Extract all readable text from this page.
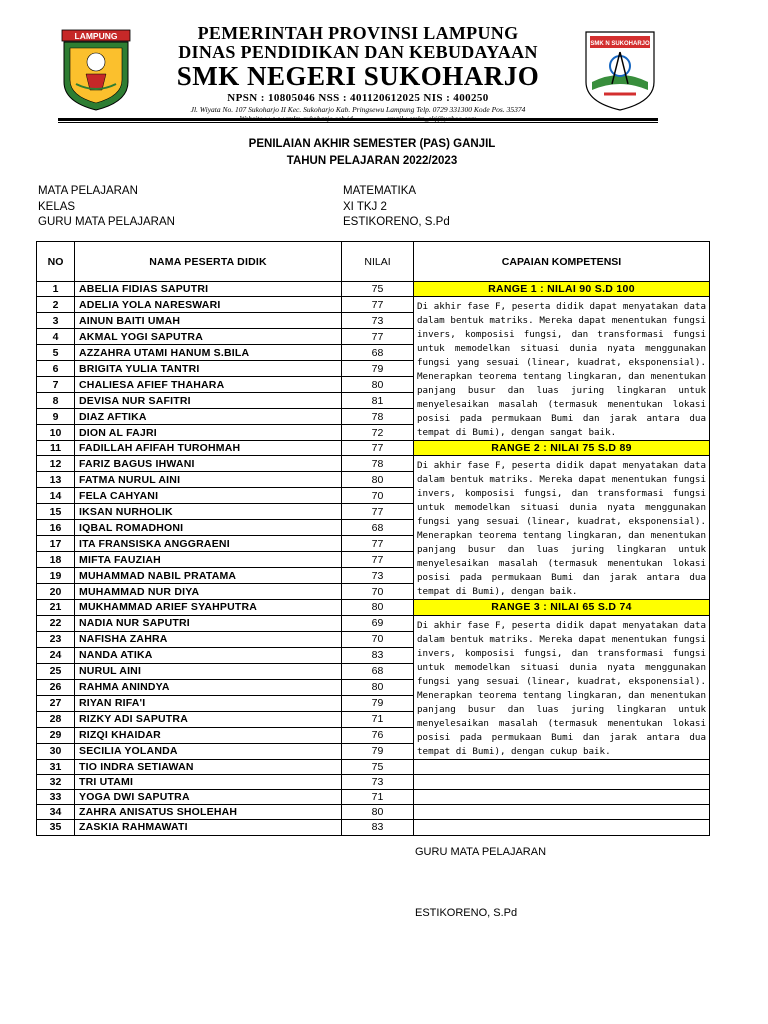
LAMPUNG	PEMERINTAH PROVINSI LAMPUNG
DINAS PENDIDIKAN DAN KEBUDAYAAN
SMK NEGERI SUKOHARJO
NPSN : 10805046 NSS : 401120612025 NIS : 400250
Jl. Wiyata No. 107 Sukoharjo II Kec. Sukoharjo Kab. Pringsewu Lampung Telp. 0729 331300 Kode Pos. 35374

SMK N SUKOHARJO
PENILAIAN AKHIR SEMESTER (PAS) GANJIL
TAHUN PELAJARAN 2022/2023
MATA PELAJARAN	MATEMATIKA
KELAS	XI TKJ 2
GURU MATA PELAJARAN	ESTIKORENO, S.Pd
NO	NAMA PESERTA DIDIK	NILAI	CAPAIAN KOMPETENSI
1	ABELIA FIDIAS SAPUTRI	75	RANGE 1 : NILAI 90 S.D 100
2	ADELIA YOLA NARESWARI	77	Di akhir fase F, peserta didik dapat menyatakan data dalam bentuk matriks. Mereka dapat menentukan fungsi invers, komposisi fungsi, dan transformasi fungsi untuk memodelkan situasi dunia nyata menggunakan fungsi yang sesuai (linear, kuadrat, eksponensial). Menerapkan teorema tentang lingkaran, dan menentukan panjang busur dan luas juring lingkaran untuk menyelesaikan masalah (termasuk menentukan lokasi posisi pada permukaan Bumi dan jarak antara dua tempat di Bumi), dengan sangat baik.
3	AINUN BAITI UMAH	73	
4	AKMAL YOGI SAPUTRA	77	
5	AZZAHRA UTAMI HANUM S.BILA	68	
6	BRIGITA YULIA TANTRI	79	
7	CHALIESA AFIEF THAHARA	80	
8	DEVISA NUR SAFITRI	81	
9	DIAZ AFTIKA	78	
10	DION AL FAJRI	72	
11	FADILLAH AFIFAH TUROHMAH	77	RANGE 2 : NILAI 75 S.D 89
12	FARIZ BAGUS IHWANI	78	Di akhir fase F, peserta didik dapat menyatakan data dalam bentuk matriks. Mereka dapat menentukan fungsi invers, komposisi fungsi, dan transformasi fungsi untuk memodelkan situasi dunia nyata menggunakan fungsi yang sesuai (linear, kuadrat, eksponensial). Menerapkan teorema tentang lingkaran, dan menentukan panjang busur dan luas juring lingkaran untuk menyelesaikan masalah (termasuk menentukan lokasi posisi pada permukaan Bumi dan jarak antara dua tempat di Bumi), dengan baik.
13	FATMA NURUL AINI	80	
14	FELA CAHYANI	70	
15	IKSAN NURHOLIK	77	
16	IQBAL ROMADHONI	68	
17	ITA FRANSISKA ANGGRAENI	77	
18	MIFTA FAUZIAH	77	
19	MUHAMMAD NABIL PRATAMA	73	
20	MUHAMMAD NUR DIYA	70	
21	MUKHAMMAD ARIEF SYAHPUTRA	80	RANGE 3 : NILAI 65 S.D 74
22	NADIA NUR SAPUTRI	69	Di akhir fase F, peserta didik dapat menyatakan data dalam bentuk matriks. Mereka dapat menentukan fungsi invers, komposisi fungsi, dan transformasi fungsi untuk memodelkan situasi dunia nyata menggunakan fungsi yang sesuai (linear, kuadrat, eksponensial). Menerapkan teorema tentang lingkaran, dan menentukan panjang busur dan luas juring lingkaran untuk menyelesaikan masalah (termasuk menentukan lokasi posisi pada permukaan Bumi dan jarak antara dua tempat di Bumi), dengan cukup baik.
23	NAFISHA ZAHRA	70	
24	NANDA ATIKA	83	
25	NURUL AINI	68	
26	RAHMA ANINDYA	80	
27	RIYAN RIFA'I	79	
28	RIZKY ADI SAPUTRA	71	
29	RIZQI KHAIDAR	76	
30	SECILIA YOLANDA	79	
31	TIO INDRA SETIAWAN	75	
32	TRI UTAMI	73	
33	YOGA DWI SAPUTRA	71	
34	ZAHRA ANISATUS SHOLEHAH	80	
35	ZASKIA RAHMAWATI	83	
GURU MATA PELAJARAN
ESTIKORENO, S.Pd
